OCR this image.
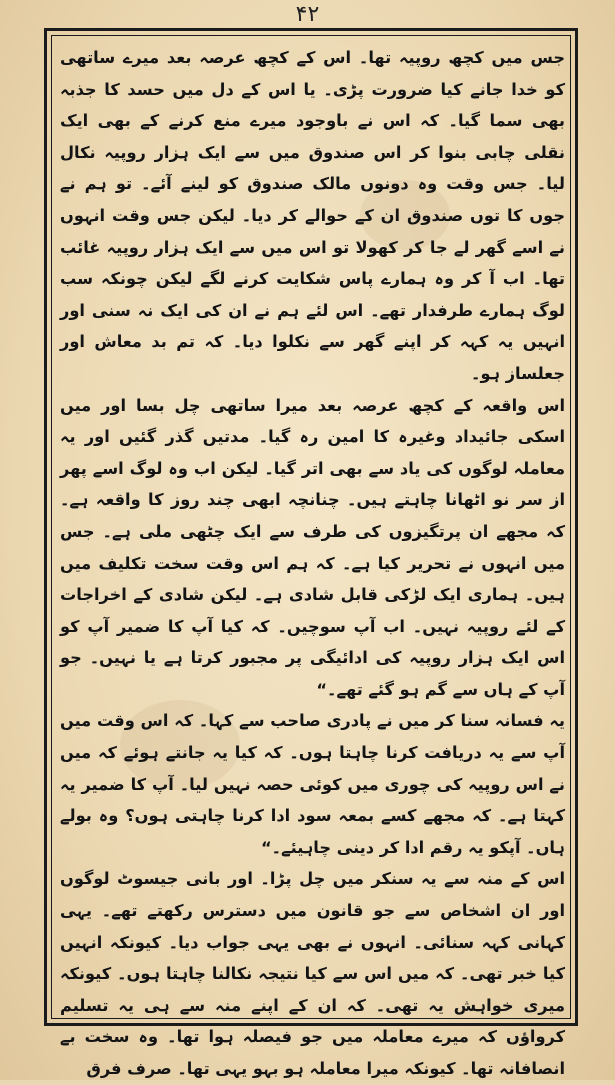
۴۲

جس میں کچھ روپیہ تھا۔ اس کے کچھ عرصہ بعد میرے ساتھی کو خدا جانے کیا ضرورت پڑی۔ یا اس کے دل میں حسد کا جذبہ بھی سما گیا۔ کہ اس نے باوجود میرے منع کرنے کے بھی ایک نقلی چابی بنوا کر اس صندوق میں سے ایک ہزار روپیہ نکال لیا۔ جس وقت وہ دونوں مالک صندوق کو لینے آئے۔ تو ہم نے جوں کا توں صندوق ان کے حوالے کر دیا۔ لیکن جس وقت انہوں نے اسے گھر لے جا کر کھولا تو اس میں سے ایک ہزار روپیہ غائب تھا۔ اب آ کر وہ ہمارے پاس شکایت کرنے لگے لیکن چونکہ سب لوگ ہمارے طرفدار تھے۔ اس لئے ہم نے ان کی ایک نہ سنی اور انہیں یہ کہہ کر اپنے گھر سے نکلوا دیا۔ کہ تم بد معاش اور جعلساز ہو۔

اس واقعہ کے کچھ عرصہ بعد میرا ساتھی چل بسا اور میں اسکی جائیداد وغیرہ کا امین رہ گیا۔ مدتیں گذر گئیں اور یہ معاملہ لوگوں کی یاد سے بھی اتر گیا۔ لیکن اب وہ لوگ اسے پھر از سر نو اٹھانا چاہتے ہیں۔ چنانچہ ابھی چند روز کا واقعہ ہے۔ کہ مجھے ان پرتگیزوں کی طرف سے ایک چٹھی ملی ہے۔ جس میں انہوں نے تحریر کیا ہے۔ کہ ہم اس وقت سخت تکلیف میں ہیں۔ ہماری ایک لڑکی قابل شادی ہے۔ لیکن شادی کے اخراجات کے لئے روپیہ نہیں۔ اب آپ سوچیں۔ کہ کیا آپ کا ضمیر آپ کو اس ایک ہزار روپیہ کی ادائیگی پر مجبور کرتا ہے یا نہیں۔ جو آپ کے ہاں سے گم ہو گئے تھے۔“

یہ فسانہ سنا کر میں نے پادری صاحب سے کہا۔ کہ اس وقت میں آپ سے یہ دریافت کرنا چاہتا ہوں۔ کہ کیا یہ جانتے ہوئے کہ میں نے اس روپیہ کی چوری میں کوئی حصہ نہیں لیا۔ آپ کا ضمیر یہ کہتا ہے۔ کہ مجھے کسے بمعہ سود ادا کرنا چاہتی ہوں؟ وہ بولے ہاں۔ آپکو یہ رقم ادا کر دینی چاہیئے۔“

اس کے منہ سے یہ سنکر میں چل پڑا۔ اور بانی جیسوٹ لوگوں اور ان اشخاص سے جو قانون میں دسترس رکھتے تھے۔ یہی کہانی کہہ سنائی۔ انہوں نے بھی یہی جواب دیا۔ کیونکہ انہیں کیا خبر تھی۔ کہ میں اس سے کیا نتیجہ نکالنا چاہتا ہوں۔ کیونکہ میری خواہش یہ تھی۔ کہ ان کے اپنے منہ سے ہی یہ تسلیم کرواؤں کہ میرے معاملہ میں جو فیصلہ ہوا تھا۔ وہ سخت بے انصافانہ تھا۔ کیونکہ میرا معاملہ ہو بہو یہی تھا۔ صرف فرق
